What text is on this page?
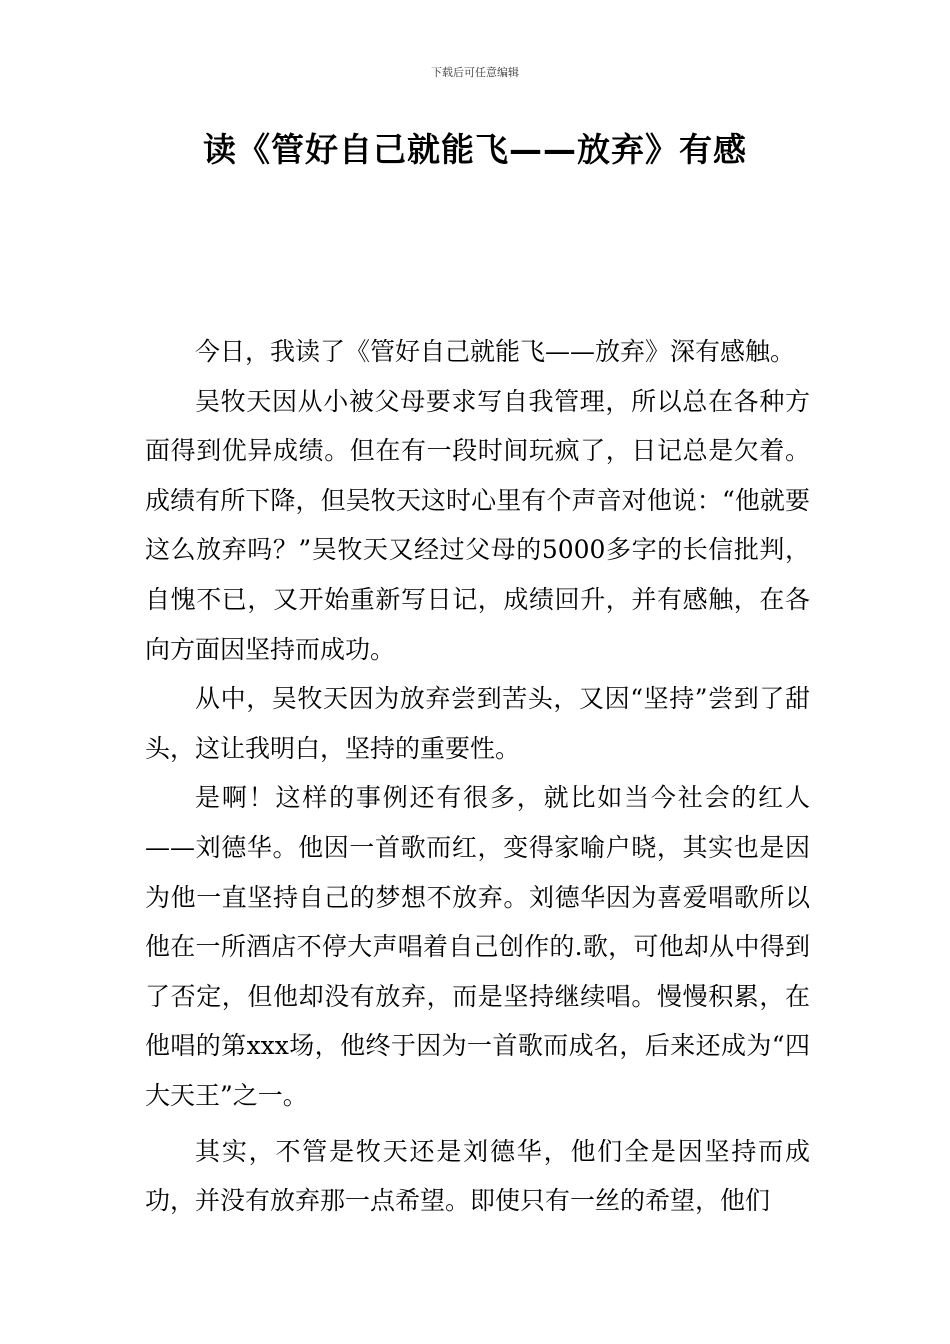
下载后可任意编辑
读《管好自己就能飞——放弃》有感

今日，我读了《管好自己就能飞——放弃》深有感触。

吴牧天因从小被父母要求写自我管理，所以总在各种方面得到优异成绩。但在有一段时间玩疯了，日记总是欠着。成绩有所下降，但吴牧天这时心里有个声音对他说：“他就要这么放弃吗？”吴牧天又经过父母的5000多字的长信批判，自愧不已，又开始重新写日记，成绩回升，并有感触，在各向方面因坚持而成功。

从中，吴牧天因为放弃尝到苦头，又因“坚持”尝到了甜头，这让我明白，坚持的重要性。

是啊！这样的事例还有很多，就比如当今社会的红人——刘德华。他因一首歌而红，变得家喻户晓，其实也是因为他一直坚持自己的梦想不放弃。刘德华因为喜爱唱歌所以他在一所酒店不停大声唱着自己创作的.歌，可他却从中得到了否定，但他却没有放弃，而是坚持继续唱。慢慢积累，在他唱的第xxx场，他终于因为一首歌而成名，后来还成为“四大天王”之一。

其实，不管是牧天还是刘德华，他们全是因坚持而成功，并没有放弃那一点希望。即使只有一丝的希望，他们
